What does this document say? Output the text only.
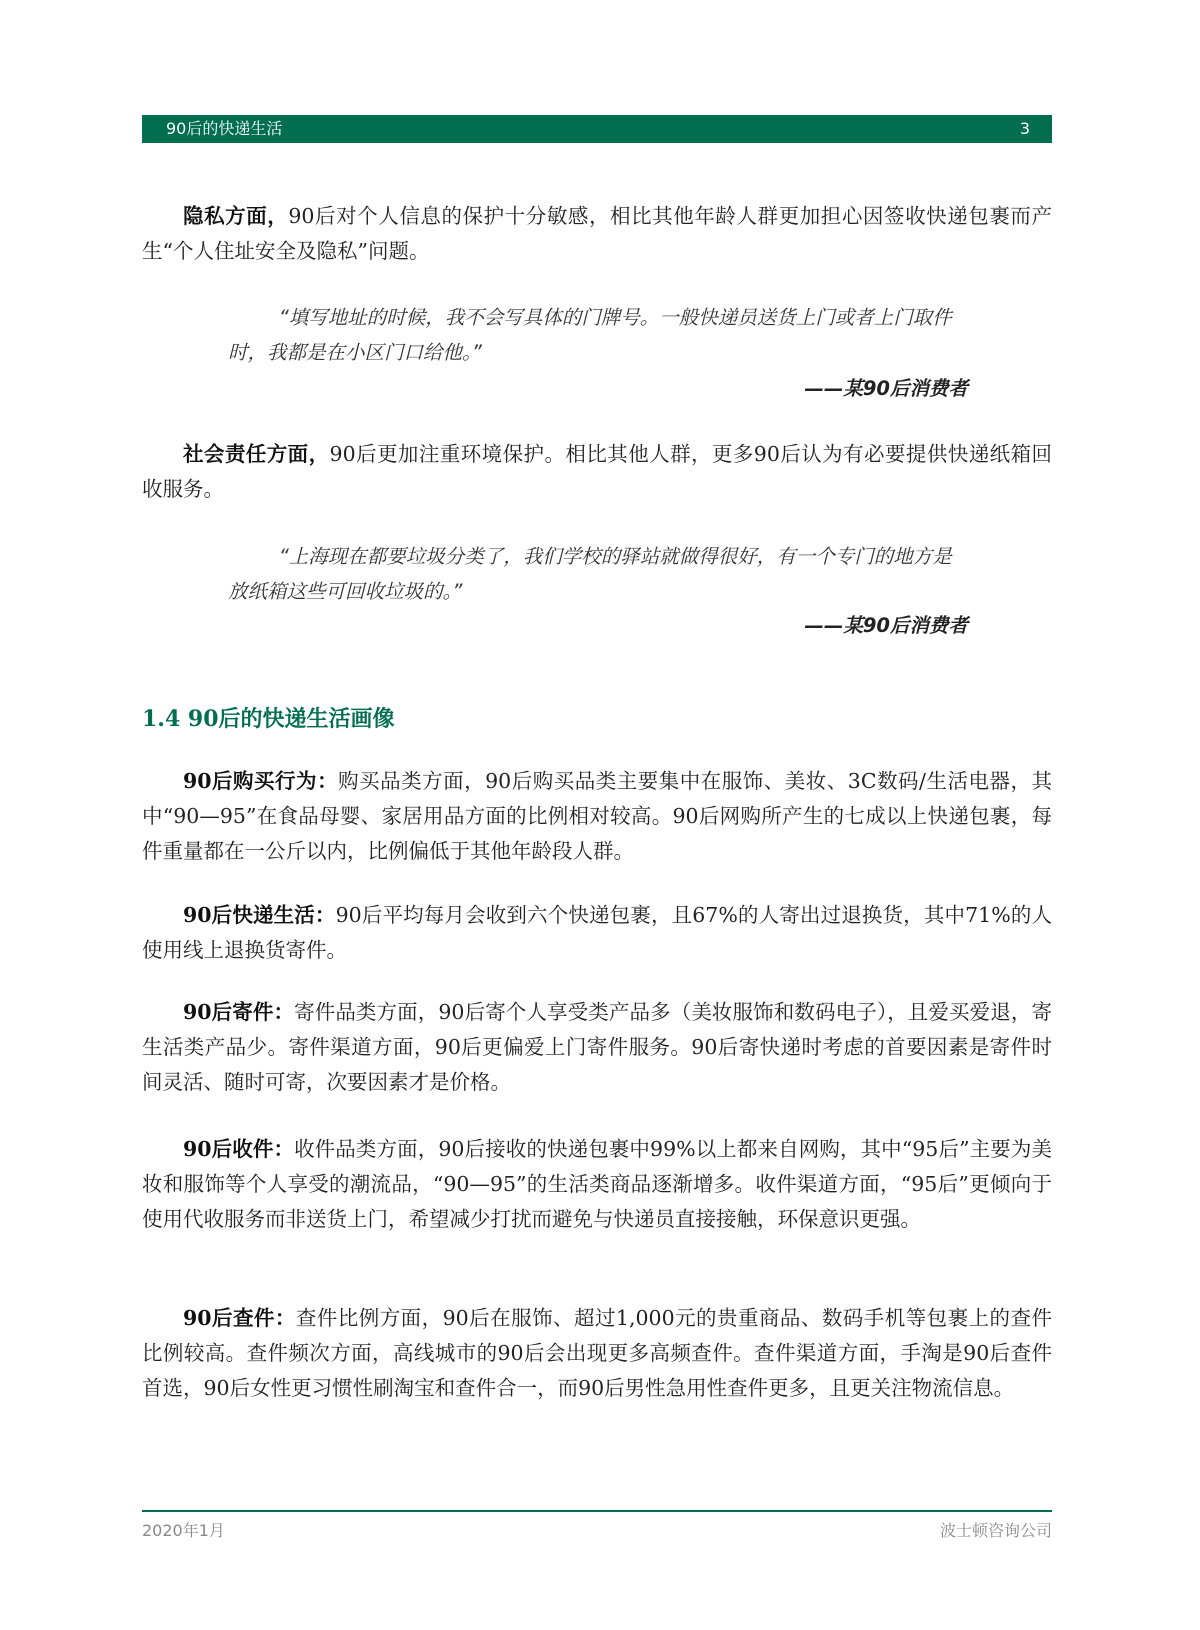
90后的快递生活	3

隐私方面，90后对个人信息的保护十分敏感，相比其他年龄人群更加担心因签收快递包裹而产生“个人住址安全及隐私”问题。

“填写地址的时候，我不会写具体的门牌号。一般快递员送货上门或者上门取件时，我都是在小区门口给他。”
——某90后消费者

社会责任方面，90后更加注重环境保护。相比其他人群，更多90后认为有必要提供快递纸箱回收服务。

“上海现在都要垃圾分类了，我们学校的驿站就做得很好，有一个专门的地方是放纸箱这些可回收垃圾的。”
——某90后消费者
1.4 90后的快递生活画像

90后购买行为：购买品类方面，90后购买品类主要集中在服饰、美妆、3C数码/生活电器，其中“90—95”在食品母婴、家居用品方面的比例相对较高。90后网购所产生的七成以上快递包裹，每件重量都在一公斤以内，比例偏低于其他年龄段人群。

90后快递生活：90后平均每月会收到六个快递包裹，且67%的人寄出过退换货，其中71%的人使用线上退换货寄件。

90后寄件：寄件品类方面，90后寄个人享受类产品多（美妆服饰和数码电子），且爱买爱退，寄生活类产品少。寄件渠道方面，90后更偏爱上门寄件服务。90后寄快递时考虑的首要因素是寄件时间灵活、随时可寄，次要因素才是价格。

90后收件：收件品类方面，90后接收的快递包裹中99%以上都来自网购，其中“95后”主要为美妆和服饰等个人享受的潮流品，“90—95”的生活类商品逐渐增多。收件渠道方面，“95后”更倾向于使用代收服务而非送货上门，希望减少打扰而避免与快递员直接接触，环保意识更强。

90后查件：查件比例方面，90后在服饰、超过1,000元的贵重商品、数码手机等包裹上的查件比例较高。查件频次方面，高线城市的90后会出现更多高频查件。查件渠道方面，手淘是90后查件首选，90后女性更习惯性刷淘宝和查件合一，而90后男性急用性查件更多，且更关注物流信息。

2020年1月	波士顿咨询公司
